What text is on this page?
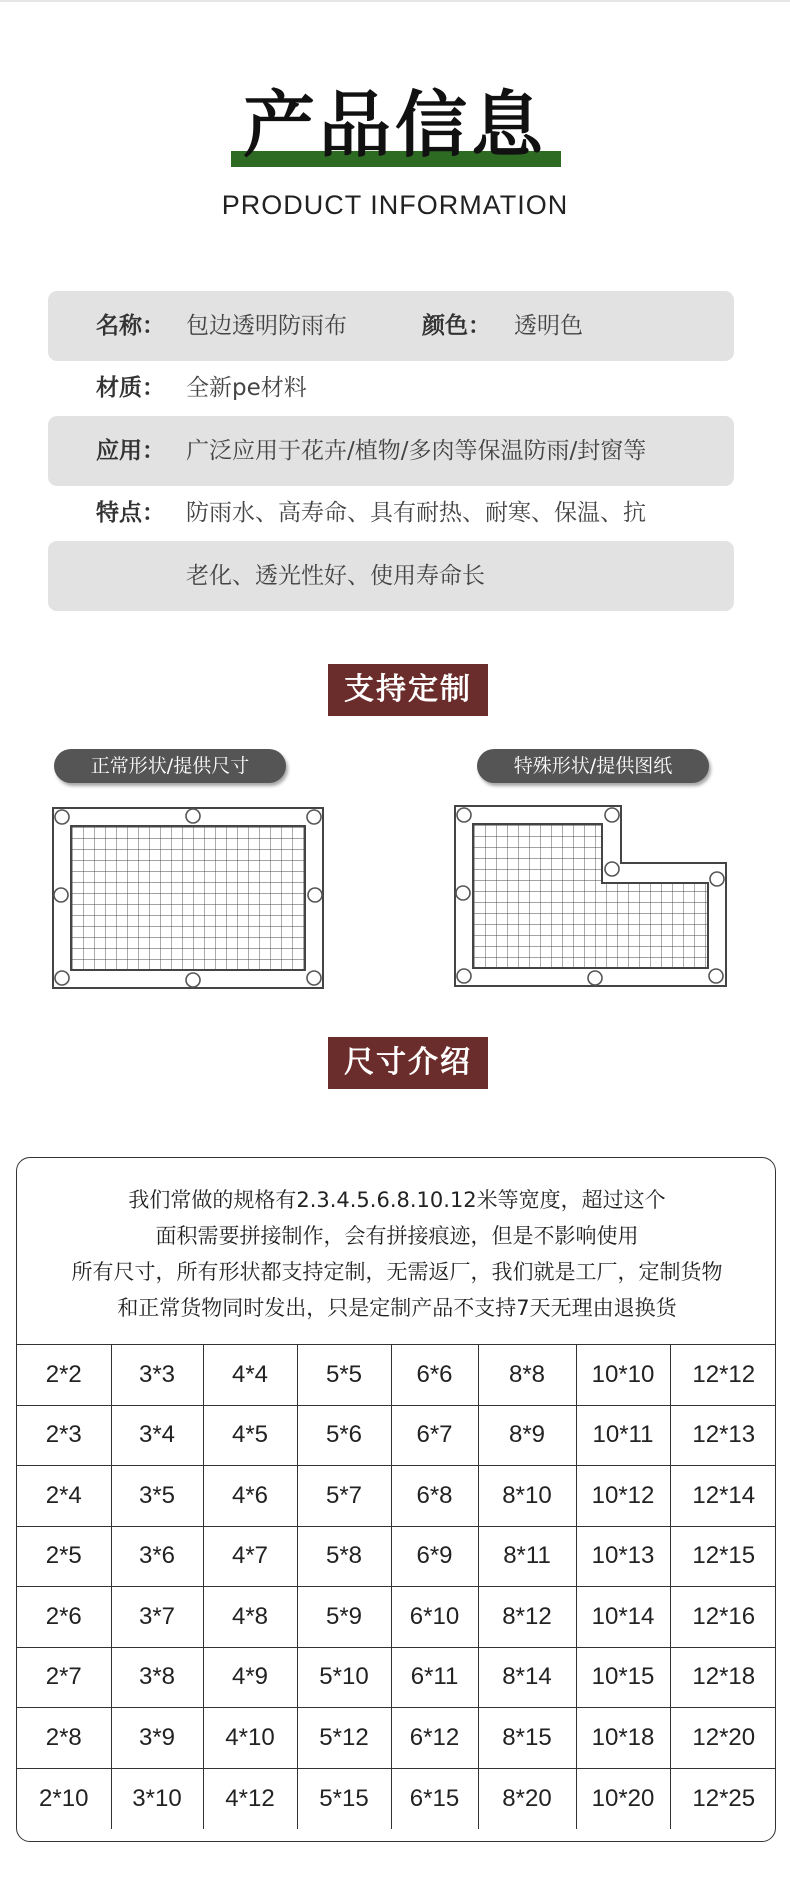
产品信息
PRODUCT INFORMATION
名称： 包边透明防雨布	颜色： 透明色
材质： 全新pe材料
应用： 广泛应用于花卉/植物/多肉等保温防雨/封窗等
特点： 防雨水、高寿命、具有耐热、耐寒、保温、抗
老化、透光性好、使用寿命长
支持定制
正常形状/提供尺寸	特殊形状/提供图纸
尺寸介绍
我们常做的规格有2.3.4.5.6.8.10.12米等宽度，超过这个
面积需要拼接制作，会有拼接痕迹，但是不影响使用
所有尺寸，所有形状都支持定制，无需返厂，我们就是工厂，定制货物
和正常货物同时发出，只是定制产品不支持7天无理由退换货
2*2	3*3	4*4	5*5	6*6	8*8	10*10	12*12
2*3	3*4	4*5	5*6	6*7	8*9	10*11	12*13
2*4	3*5	4*6	5*7	6*8	8*10	10*12	12*14
2*5	3*6	4*7	5*8	6*9	8*11	10*13	12*15
2*6	3*7	4*8	5*9	6*10	8*12	10*14	12*16
2*7	3*8	4*9	5*10	6*11	8*14	10*15	12*18
2*8	3*9	4*10	5*12	6*12	8*15	10*18	12*20
2*10	3*10	4*12	5*15	6*15	8*20	10*20	12*25
